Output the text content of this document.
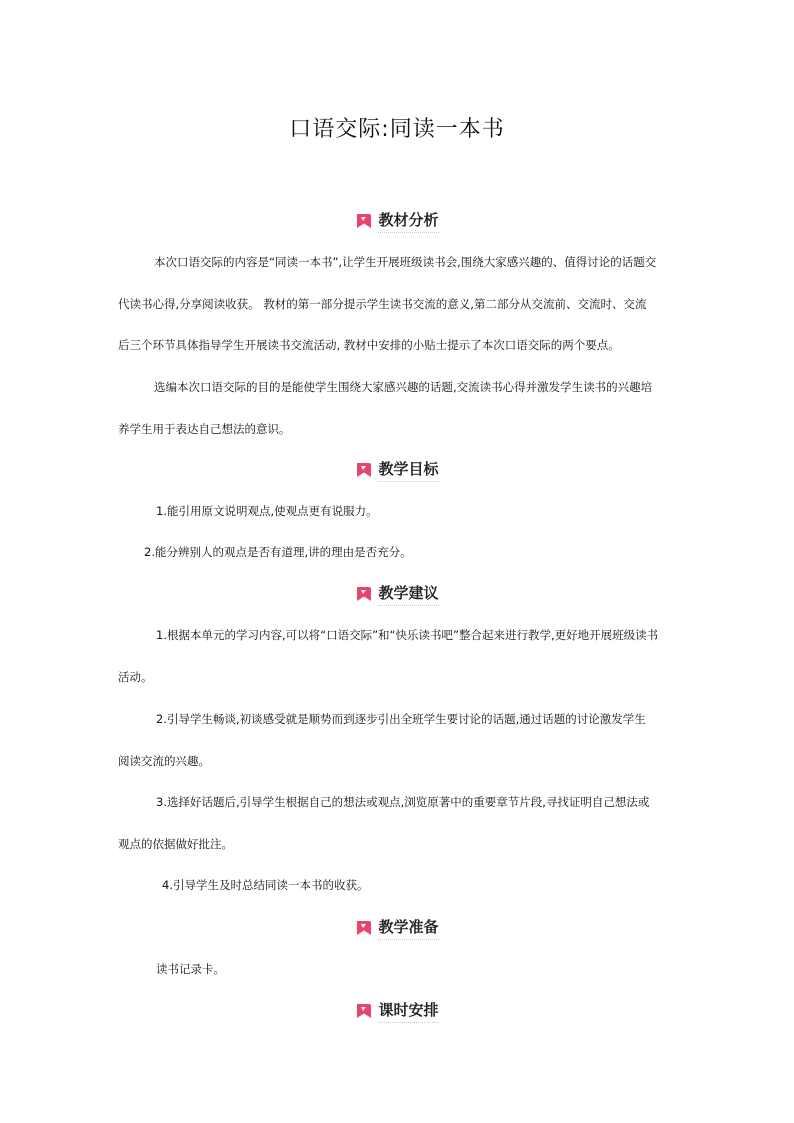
口语交际:同读一本书
教材分析
本次口语交际的内容是“同读一本书”,让学生开展班级读书会,围绕大家感兴趣的、值得讨论的话题交
代读书心得,分享阅读收获。 教材的第一部分提示学生读书交流的意义,第二部分从交流前、交流时、交流
后三个环节具体指导学生开展读书交流活动, 教材中安排的小贴士提示了本次口语交际的两个要点。
选编本次口语交际的目的是能使学生围绕大家感兴趣的话题,交流读书心得并激发学生读书的兴趣培
养学生用于表达自己想法的意识。
教学目标
1.能引用原文说明观点,使观点更有说服力。
2.能分辨别人的观点是否有道理,讲的理由是否充分。
教学建议
1.根据本单元的学习内容,可以将“口语交际”和“快乐读书吧”整合起来进行教学,更好地开展班级读书
活动。
2.引导学生畅谈,初谈感受就是顺势而到逐步引出全班学生要讨论的话题,通过话题的讨论激发学生
阅读交流的兴趣。
3.选择好话题后,引导学生根据自己的想法或观点,浏览原著中的重要章节片段,寻找证明自己想法或
观点的依据做好批注。
4.引导学生及时总结同读一本书的收获。
教学准备
读书记录卡。
课时安排
